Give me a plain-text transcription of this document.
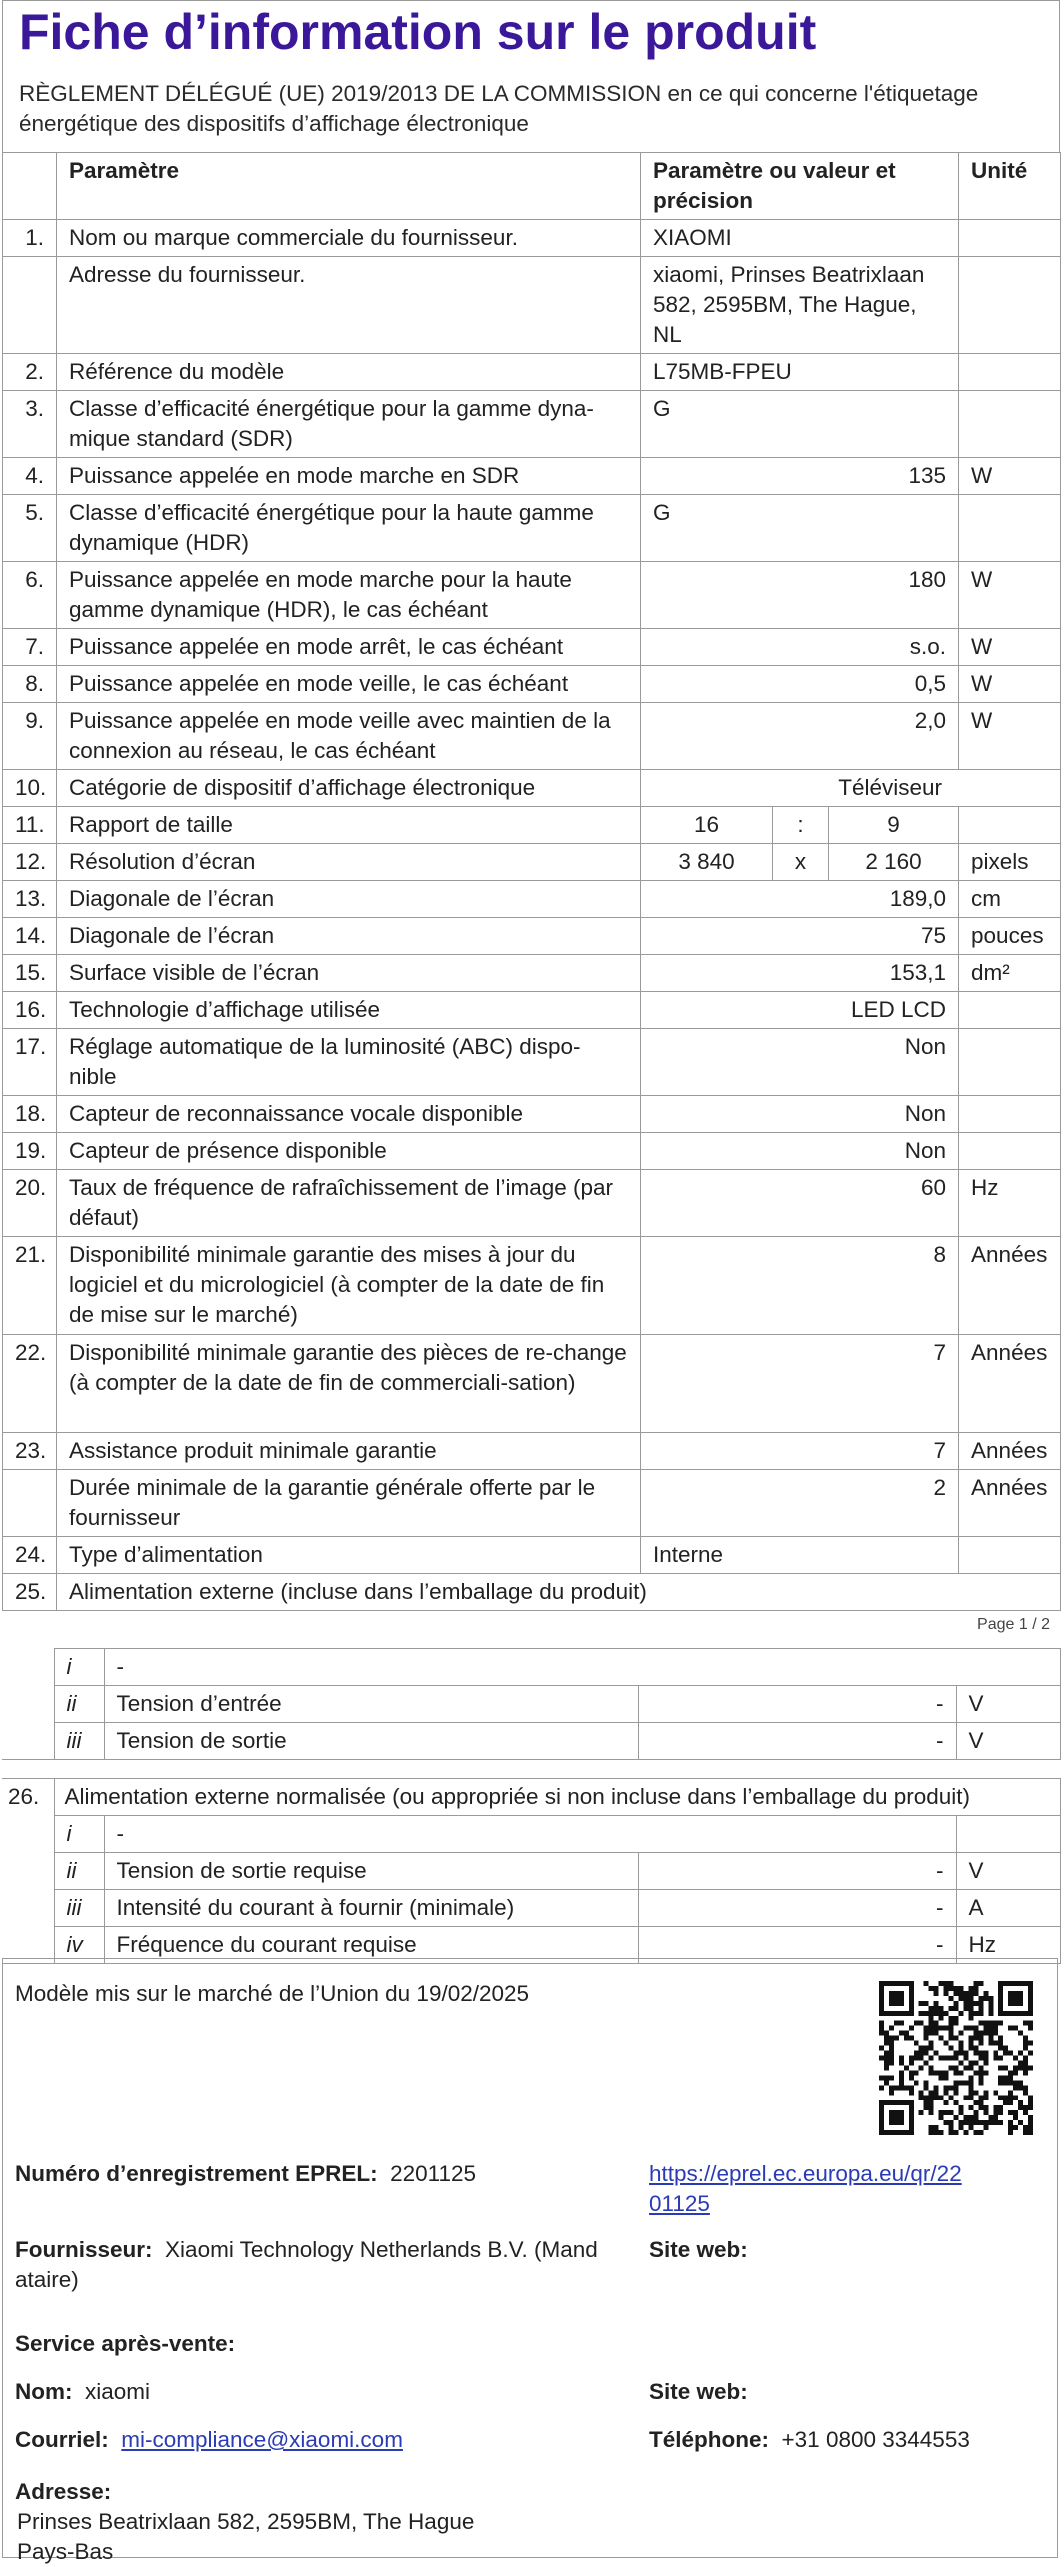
Fiche d’information sur le produit

RÈGLEMENT DÉLÉGUÉ (UE) 2019/2013 DE LA COMMISSION en ce qui concerne l'étiquetage énergétique des dispositifs d’affichage électronique

	Paramètre	Paramètre ou valeur et précision			Unité
1.	Nom ou marque commerciale du fournisseur.	XIAOMI			
	Adresse du fournisseur.	xiaomi, Prinses Beatrixlaan 582, 2595BM, The Hague, NL			
2.	Référence du modèle	L75MB-FPEU			
3.	Classe d’efficacité énergétique pour la gamme dyna-mique standard (SDR)	G			
4.	Puissance appelée en mode marche en SDR	135			W
5.	Classe d’efficacité énergétique pour la haute gamme dynamique (HDR)	G			
6.	Puissance appelée en mode marche pour la haute gamme dynamique (HDR), le cas échéant	180			W
7.	Puissance appelée en mode arrêt, le cas échéant	s.o.			W
8.	Puissance appelée en mode veille, le cas échéant	0,5			W
9.	Puissance appelée en mode veille avec maintien de la connexion au réseau, le cas échéant	2,0			W
10.	Catégorie de dispositif d’affichage électronique	Téléviseur			
11.	Rapport de taille	16	:	9	
12.	Résolution d’écran	3 840	x	2 160	pixels
13.	Diagonale de l’écran	189,0			cm
14.	Diagonale de l’écran	75			pouces
15.	Surface visible de l’écran	153,1			dm²
16.	Technologie d’affichage utilisée	LED LCD			
17.	Réglage automatique de la luminosité (ABC) dispo-nible	Non			
18.	Capteur de reconnaissance vocale disponible	Non			
19.	Capteur de présence disponible	Non			
20.	Taux de fréquence de rafraîchissement de l’image (par défaut)	60			Hz
21.	Disponibilité minimale garantie des mises à jour du logiciel et du micrologiciel (à compter de la date de fin de mise sur le marché)	8			Années
22.	Disponibilité minimale garantie des pièces de re-change (à compter de la date de fin de commerciali-sation)	7			Années
23.	Assistance produit minimale garantie	7			Années
	Durée minimale de la garantie générale offerte par le fournisseur	2			Années
24.	Type d’alimentation	Interne			
25.	Alimentation externe (incluse dans l’emballage du produit)				
Page 1 / 2
	i	-		
	ii	Tension d’entrée	-	V
	iii	Tension de sortie	-	V
26.	Alimentation externe normalisée (ou appropriée si non incluse dans l’emballage du produit)			
	i	-		
	ii	Tension de sortie requise	-	V
	iii	Intensité du courant à fournir (minimale)	-	A
	iv	Fréquence du courant requise	-	Hz
Modèle mis sur le marché de l’Union du 19/02/2025
Numéro d’enregistrement EPREL: 2201125	https://eprel.ec.europa.eu/qr/22
01125
Fournisseur: Xiaomi Technology Netherlands B.V. (Mand
ataire)
Site web:
Service après-vente:
Nom: xiaomi	Site web:
Courriel: mi-compliance@xiaomi.com	Téléphone: +31 0800 3344553
Adresse:
Prinses Beatrixlaan 582, 2595BM, The Hague
Pays-Bas
